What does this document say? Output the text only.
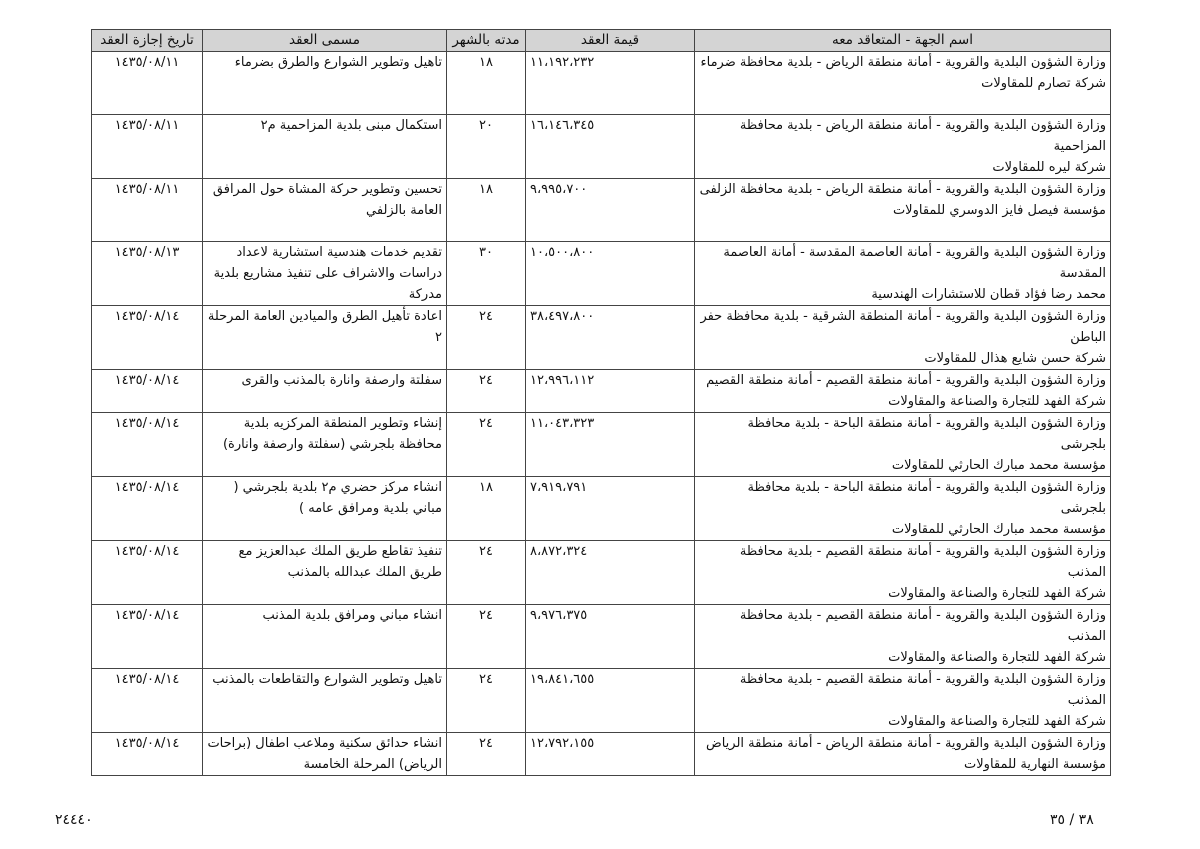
اسم الجهة - المتعاقد معه	قيمة العقد	مدته بالشهر	مسمى العقد	تاريخ إجازة العقد

وزارة الشؤون البلدية والقروية - أمانة منطقة الرياض - بلدية محافظة ضرماء
شركة تصارم للمقاولات	١١،١٩٢،٢٣٢	١٨	تاهيل وتطوير الشوارع والطرق بضرماء	١٤٣٥/٠٨/١١

وزارة الشؤون البلدية والقروية - أمانة منطقة الرياض - بلدية محافظة المزاحمية
شركة ليره للمقاولات	١٦،١٤٦،٣٤٥	٢٠	استكمال مبنى بلدية المزاحمية م٢	١٤٣٥/٠٨/١١

وزارة الشؤون البلدية والقروية - أمانة منطقة الرياض - بلدية محافظة الزلفى
مؤسسة فيصل فايز الدوسري للمقاولات	٩،٩٩٥،٧٠٠	١٨	تحسين وتطوير حركة المشاة حول المرافق العامة بالزلفي	١٤٣٥/٠٨/١١

وزارة الشؤون البلدية والقروية - أمانة العاصمة المقدسة - أمانة العاصمة المقدسة
محمد رضا فؤاد قطان للاستشارات الهندسية	١٠،٥٠٠،٨٠٠	٣٠	تقديم خدمات هندسية استشارية لاعداد دراسات والاشراف على تنفيذ مشاريع بلدية مدركة	١٤٣٥/٠٨/١٣

وزارة الشؤون البلدية والقروية - أمانة المنطقة الشرقية - بلدية محافظة حفر الباطن
شركة حسن شايع هذال للمقاولات	٣٨،٤٩٧،٨٠٠	٢٤	اعادة تأهيل الطرق والميادين العامة المرحلة ٢	١٤٣٥/٠٨/١٤

وزارة الشؤون البلدية والقروية - أمانة منطقة القصيم - أمانة منطقة القصيم
شركة الفهد للتجارة والصناعة والمقاولات	١٢،٩٩٦،١١٢	٢٤	سفلتة وارصفة وانارة بالمذنب والقرى	١٤٣٥/٠٨/١٤

وزارة الشؤون البلدية والقروية - أمانة منطقة الباحة - بلدية محافظة بلجرشى
مؤسسة محمد مبارك الحارثي للمقاولات	١١،٠٤٣،٣٢٣	٢٤	إنشاء وتطوير المنطقة المركزيه بلدية محافظة بلجرشي (سفلتة وارصفة وانارة)	١٤٣٥/٠٨/١٤

وزارة الشؤون البلدية والقروية - أمانة منطقة الباحة - بلدية محافظة بلجرشى
مؤسسة محمد مبارك الحارثي للمقاولات	٧،٩١٩،٧٩١	١٨	انشاء مركز حضري م٢ بلدية بلجرشي ( مباني بلدية ومرافق عامه )	١٤٣٥/٠٨/١٤

وزارة الشؤون البلدية والقروية - أمانة منطقة القصيم - بلدية محافظة المذنب
شركة الفهد للتجارة والصناعة والمقاولات	٨،٨٧٢،٣٢٤	٢٤	تنفيذ تقاطع طريق الملك عبدالعزيز مع طريق الملك عبدالله بالمذنب	١٤٣٥/٠٨/١٤

وزارة الشؤون البلدية والقروية - أمانة منطقة القصيم - بلدية محافظة المذنب
شركة الفهد للتجارة والصناعة والمقاولات	٩،٩٧٦،٣٧٥	٢٤	انشاء مباني ومرافق بلدية المذنب	١٤٣٥/٠٨/١٤

وزارة الشؤون البلدية والقروية - أمانة منطقة القصيم - بلدية محافظة المذنب
شركة الفهد للتجارة والصناعة والمقاولات	١٩،٨٤١،٦٥٥	٢٤	تاهيل وتطوير الشوارع والتقاطعات بالمذنب	١٤٣٥/٠٨/١٤

وزارة الشؤون البلدية والقروية - أمانة منطقة الرياض - أمانة منطقة الرياض
مؤسسة النهارية للمقاولات	١٢،٧٩٢،١٥٥	٢٤	انشاء حدائق سكنية وملاعب اطفال (براحات الرياض) المرحلة الخامسة	١٤٣٥/٠٨/١٤
٣٨ / ٣٥
٢٤٤٤٠
